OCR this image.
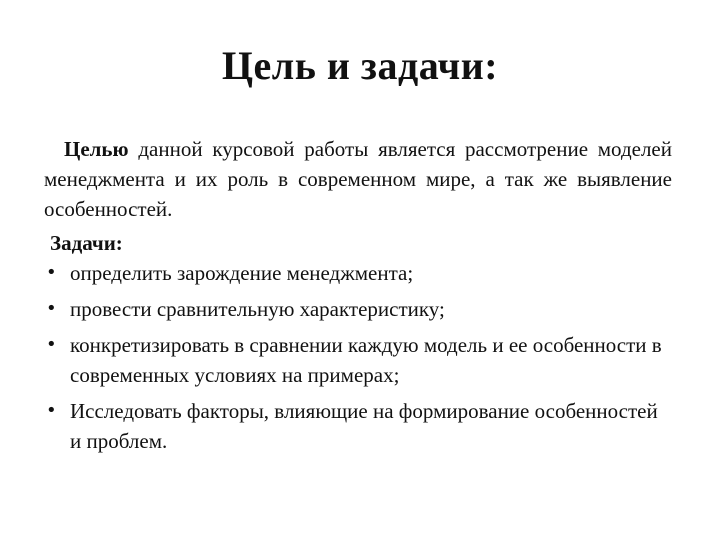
Цель и задачи:

Целью данной курсовой работы является рассмотрение моделей менеджмента и их роль в современном мире, а так же выявление особенностей.

Задачи:

• определить зарождение менеджмента;
• провести сравнительную характеристику;
• конкретизировать в сравнении каждую модель и ее особенности в современных условиях на примерах;
• Исследовать факторы, влияющие на формирование особенностей и проблем.
